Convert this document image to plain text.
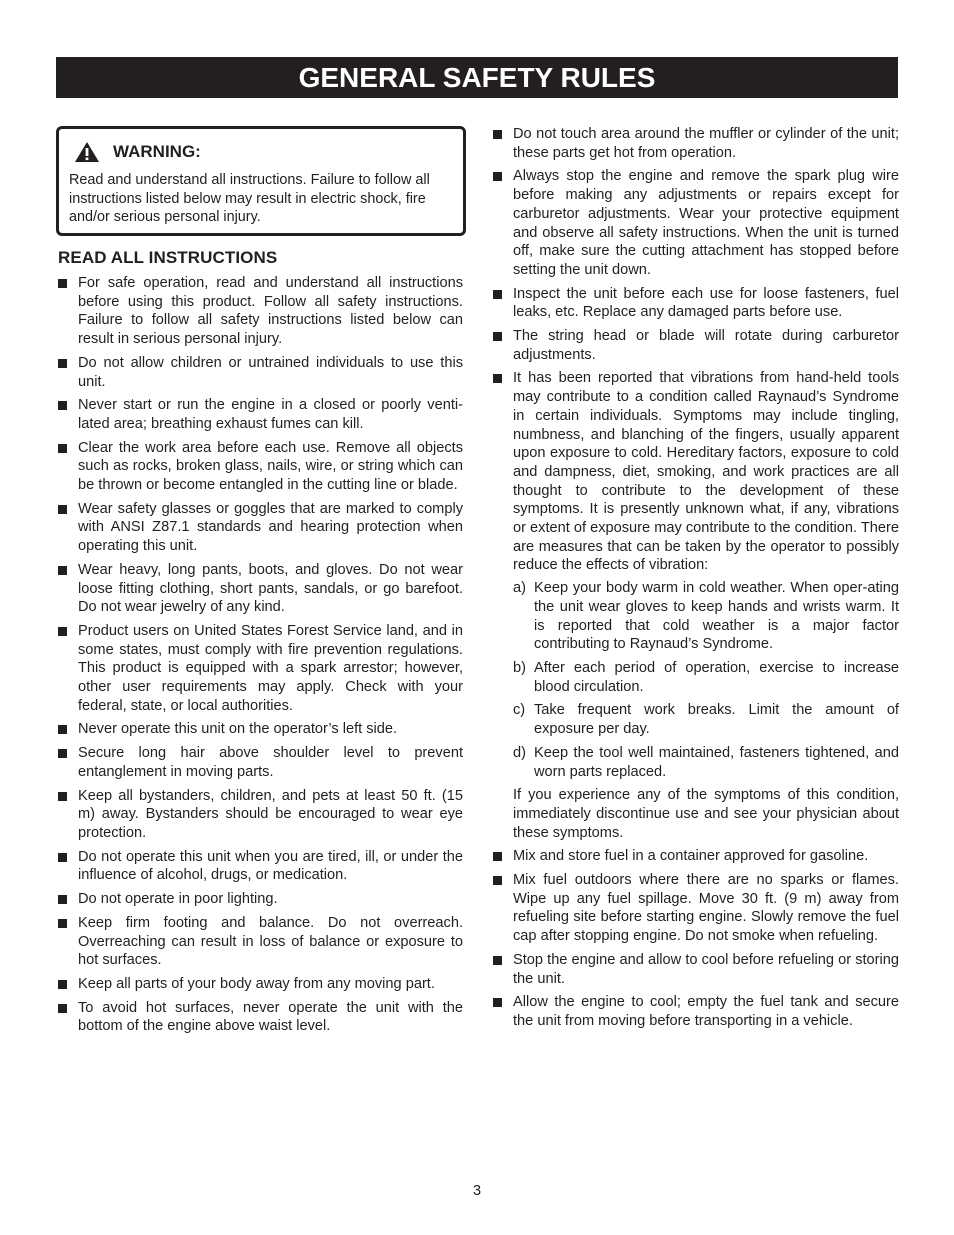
GENERAL SAFETY RULES
WARNING:
Read and understand all instructions. Failure to follow all instructions listed below may result in electric shock, fire and/or serious personal injury.
READ ALL INSTRUCTIONS
For safe operation, read and understand all instructions before using this product. Follow all safety instructions. Failure to follow all safety instructions listed below can result in serious personal injury.
Do not allow children or untrained individuals to use this unit.
Never start or run the engine in a closed or poorly venti-lated area; breathing exhaust fumes can kill.
Clear the work area before each use. Remove all objects such as rocks, broken glass, nails, wire, or string which can be thrown or become entangled in the cutting line or blade.
Wear safety glasses or goggles that are marked to comply with ANSI Z87.1 standards and hearing protection when operating this unit.
Wear heavy, long pants, boots, and gloves. Do not wear loose fitting clothing, short pants, sandals, or go barefoot. Do not wear jewelry of any kind.
Product users on United States Forest Service land, and in some states, must comply with fire prevention regulations. This product is equipped with a spark arrestor; however, other user requirements may apply. Check with your federal, state, or local authorities.
Never operate this unit on the operator’s left side.
Secure long hair above shoulder level to prevent entanglement in moving parts.
Keep all bystanders, children, and pets at least 50 ft. (15 m) away. Bystanders should be encouraged to wear eye protection.
Do not operate this unit when you are tired, ill, or under the influence of alcohol, drugs, or medication.
Do not operate in poor lighting.
Keep firm footing and balance. Do not overreach. Overreaching can result in loss of balance or exposure to hot surfaces.
Keep all parts of your body away from any moving part.
To avoid hot surfaces, never operate the unit with the bottom of the engine above waist level.
Do not touch area around the muffler or cylinder of the unit; these parts get hot from operation.
Always stop the engine and remove the spark plug wire before making any adjustments or repairs except for carburetor adjustments. Wear your protective equipment and observe all safety instructions. When the unit is turned off, make sure the cutting attachment has stopped before setting the unit down.
Inspect the unit before each use for loose fasteners, fuel leaks, etc. Replace any damaged parts before use.
The string head or blade will rotate during carburetor adjustments.
It has been reported that vibrations from hand-held tools may contribute to a condition called Raynaud’s Syndrome in certain individuals. Symptoms may include tingling, numbness, and blanching of the fingers, usually apparent upon exposure to cold. Hereditary factors, exposure to cold and dampness, diet, smoking, and work practices are all thought to contribute to the development of these symptoms. It is presently unknown what, if any, vibrations or extent of exposure may contribute to the condition. There are measures that can be taken by the operator to possibly reduce the effects of vibration:
a) Keep your body warm in cold weather. When oper-ating the unit wear gloves to keep hands and wrists warm. It is reported that cold weather is a major factor contributing to Raynaud’s Syndrome.
b) After each period of operation, exercise to increase blood circulation.
c) Take frequent work breaks. Limit the amount of exposure per day.
d) Keep the tool well maintained, fasteners tightened, and worn parts replaced.
If you experience any of the symptoms of this condition, immediately discontinue use and see your physician about these symptoms.
Mix and store fuel in a container approved for gasoline.
Mix fuel outdoors where there are no sparks or flames. Wipe up any fuel spillage. Move 30 ft. (9 m) away from refueling site before starting engine. Slowly remove the fuel cap after stopping engine. Do not smoke when refueling.
Stop the engine and allow to cool before refueling or storing the unit.
Allow the engine to cool; empty the fuel tank and secure the unit from moving before transporting in a vehicle.
3
